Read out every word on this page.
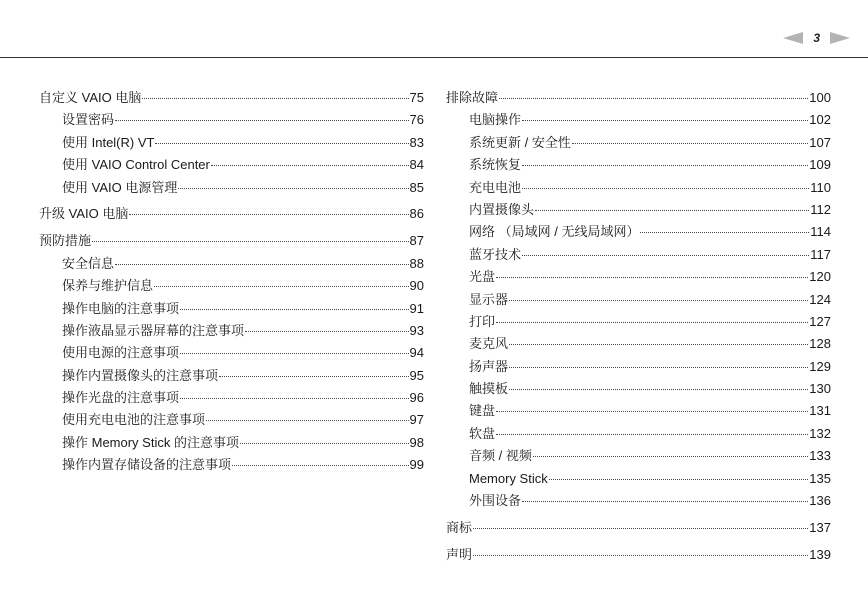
3
自定义 VAIO 电脑	75
设置密码	76
使用 Intel(R) VT	83
使用 VAIO Control Center	84
使用 VAIO 电源管理	85
升级 VAIO 电脑	86
预防措施	87
安全信息	88
保养与维护信息	90
操作电脑的注意事项	91
操作液晶显示器屏幕的注意事项	93
使用电源的注意事项	94
操作内置摄像头的注意事项	95
操作光盘的注意事项	96
使用充电电池的注意事项	97
操作 Memory Stick 的注意事项	98
操作内置存储设备的注意事项	99
排除故障	100
电脑操作	102
系统更新 / 安全性	107
系统恢复	109
充电电池	110
内置摄像头	112
网络 （局域网 / 无线局域网）	114
蓝牙技术	117
光盘	120
显示器	124
打印	127
麦克风	128
扬声器	129
触摸板	130
键盘	131
软盘	132
音频 / 视频	133
Memory Stick	135
外围设备	136
商标	137
声明	139
